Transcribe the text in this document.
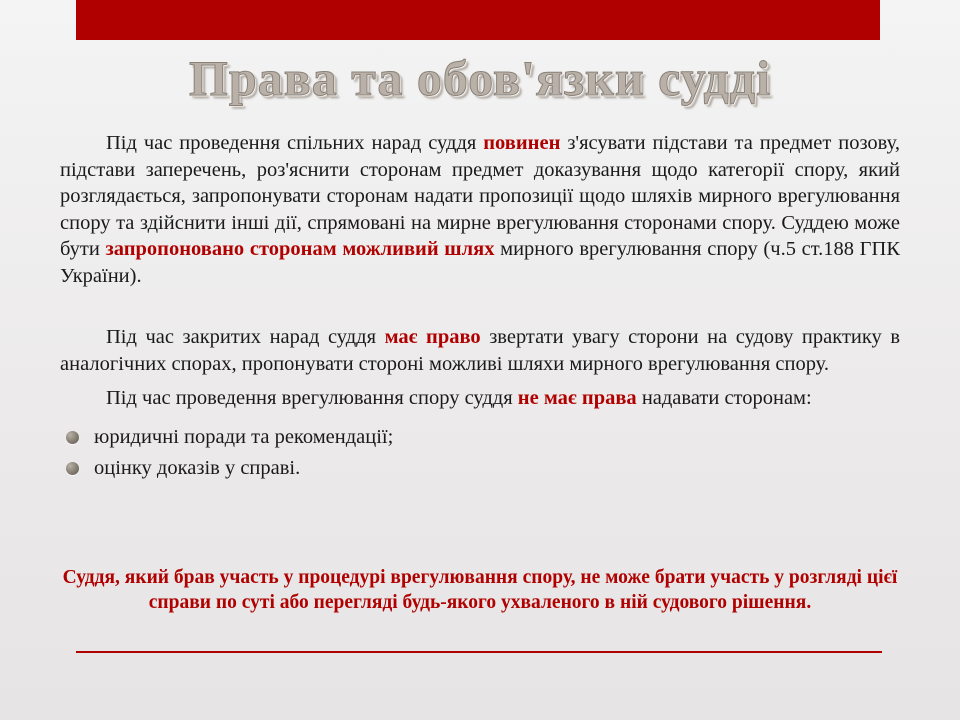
Права та обов'язки судді

Під час проведення спільних нарад суддя повинен з'ясувати підстави та предмет позову, підстави заперечень, роз'яснити сторонам предмет доказування щодо категорії спору, який розглядається, запропонувати сторонам надати пропозиції щодо шляхів мирного врегулювання спору та здійснити інші дії, спрямовані на мирне врегулювання сторонами спору. Суддею може бути запропоновано сторонам можливий шлях мирного врегулювання спору (ч.5 ст.188 ГПК України).

Під час закритих нарад суддя має право звертати увагу сторони на судову практику в аналогічних спорах, пропонувати стороні можливі шляхи мирного врегулювання спору.

Під час проведення врегулювання спору суддя не має права надавати сторонам:

юридичні поради та рекомендації;
оцінку доказів у справі.
Суддя, який брав участь у процедурі врегулювання спору, не може брати участь у розгляді цієї справи по суті або перегляді будь-якого ухваленого в ній судового рішення.
